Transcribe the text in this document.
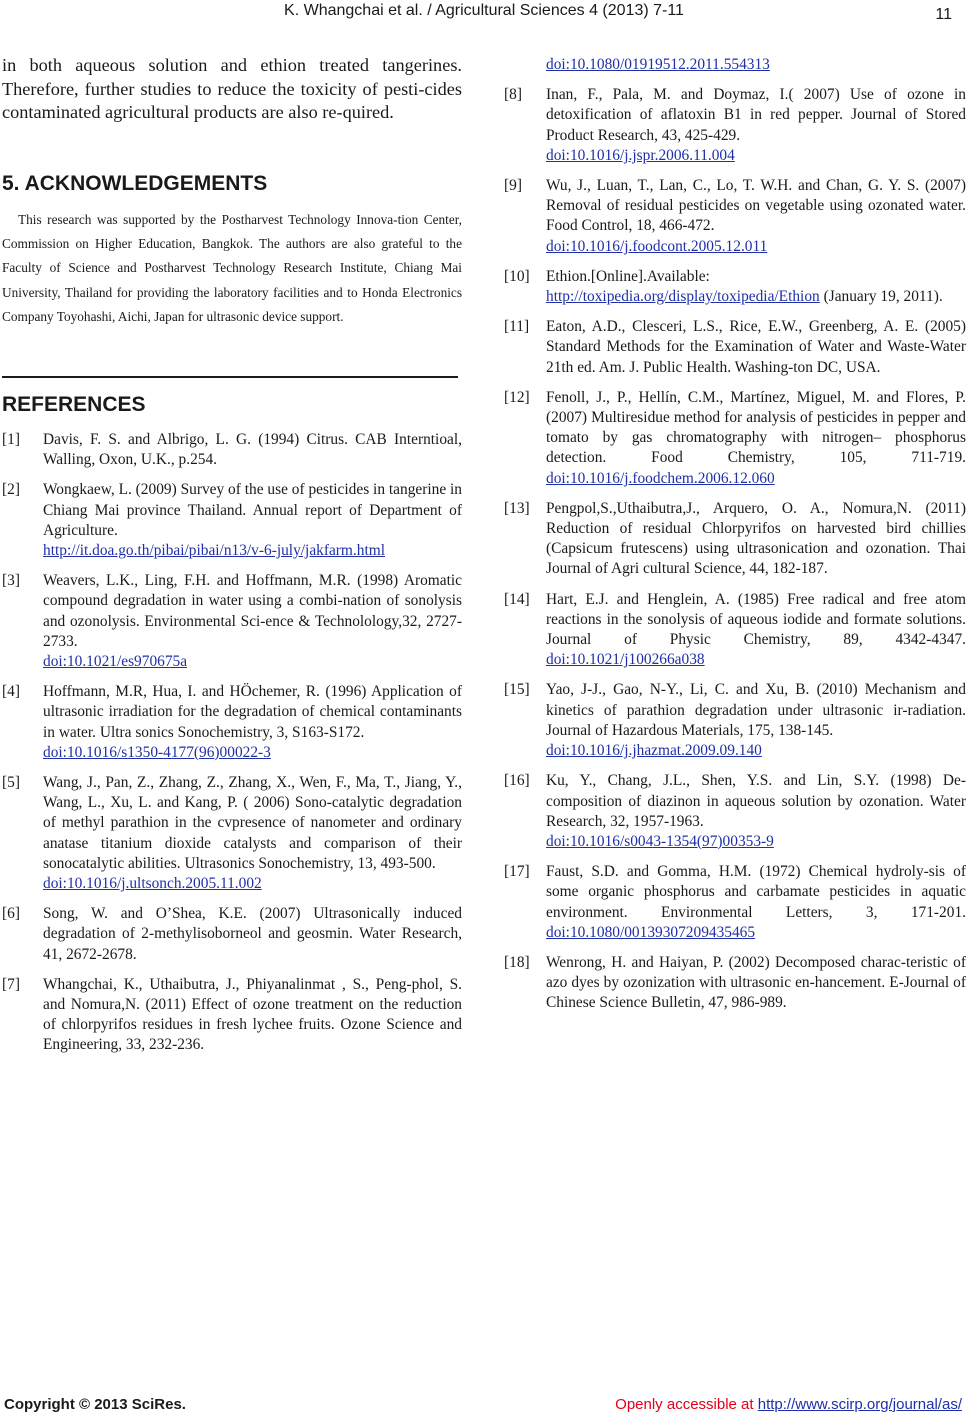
K. Whangchai et al. / Agricultural Sciences 4 (2013) 7-11	11

in both aqueous solution and ethion treated tangerines. Therefore, further studies to reduce the toxicity of pesti-cides contaminated agricultural products are also re-quired.

5. ACKNOWLEDGEMENTS

This research was supported by the Postharvest Technology Innova-tion Center, Commission on Higher Education, Bangkok. The authors are also grateful to the Faculty of Science and Postharvest Technology Research Institute, Chiang Mai University, Thailand for providing the laboratory facilities and to Honda Electronics Company Toyohashi, Aichi, Japan for ultrasonic device support.

REFERENCES
[1] Davis, F. S. and Albrigo, L. G. (1994) Citrus. CAB Interntioal, Walling, Oxon, U.K., p.254.
[2] Wongkaew, L. (2009) Survey of the use of pesticides in tangerine in Chiang Mai province Thailand. Annual report of Department of Agriculture.
http://it.doa.go.th/pibai/pibai/n13/v-6-july/jakfarm.html
[3] Weavers, L.K., Ling, F.H. and Hoffmann, M.R. (1998) Aromatic compound degradation in water using a combi-nation of sonolysis and ozonolysis. Environmental Sci-ence & Technolology,32, 2727-2733.
doi:10.1021/es970675a
[4] Hoffmann, M.R, Hua, I. and HÖchemer, R. (1996) Application of ultrasonic irradiation for the degradation of chemical contaminants in water. Ultra sonics Sonochemistry, 3, S163-S172.
doi:10.1016/s1350-4177(96)00022-3
[5] Wang, J., Pan, Z., Zhang, Z., Zhang, X., Wen, F., Ma, T., Jiang, Y., Wang, L., Xu, L. and Kang, P. ( 2006) Sono-catalytic degradation of methyl parathion in the cvpresence of nanometer and ordinary anatase titanium dioxide catalysts and comparison of their sonocatalytic abilities. Ultrasonics Sonochemistry, 13, 493-500.
doi:10.1016/j.ultsonch.2005.11.002
[6] Song, W. and O’Shea, K.E. (2007) Ultrasonically induced degradation of 2-methylisoborneol and geosmin. Water Research, 41, 2672-2678.
[7] Whangchai, K., Uthaibutra, J., Phiyanalinmat , S., Peng-phol, S. and Nomura,N. (2011) Effect of ozone treatment on the reduction of chlorpyrifos residues in fresh lychee fruits. Ozone Science and Engineering, 33, 232-236.
doi:10.1080/01919512.2011.554313
[8] Inan, F., Pala, M. and Doymaz, I.( 2007) Use of ozone in detoxification of aflatoxin B1 in red pepper. Journal of Stored Product Research, 43, 425-429.
doi:10.1016/j.jspr.2006.11.004
[9] Wu, J., Luan, T., Lan, C., Lo, T. W.H. and Chan, G. Y. S. (2007) Removal of residual pesticides on vegetable using ozonated water. Food Control, 18, 466-472.
doi:10.1016/j.foodcont.2005.12.011
[10] Ethion.[Online].Available: http://toxipedia.org/display/toxipedia/Ethion (January 19, 2011).
[11] Eaton, A.D., Clesceri, L.S., Rice, E.W., Greenberg, A. E. (2005) Standard Methods for the Examination of Water and Waste-Water 21th ed. Am. J. Public Health. Washing-ton DC, USA.
[12] Fenoll, J., P., Hellín, C.M., Martínez, Miguel, M. and Flores, P. (2007) Multiresidue method for analysis of pesticides in pepper and tomato by gas chromatography with nitrogen– phosphorus detection. Food Chemistry, 105, 711-719. doi:10.1016/j.foodchem.2006.12.060
[13] Pengpol,S.,Uthaibutra,J., Arquero, O. A., Nomura,N. (2011) Reduction of residual Chlorpyrifos on harvested bird chillies (Capsicum frutescens) using ultrasonication and ozonation. Thai Journal of Agri cultural Science, 44, 182-187.
[14] Hart, E.J. and Henglein, A. (1985) Free radical and free atom reactions in the sonolysis of aqueous iodide and formate solutions. Journal of Physic Chemistry, 89, 4342-4347. doi:10.1021/j100266a038
[15] Yao, J-J., Gao, N-Y., Li, C. and Xu, B. (2010) Mechanism and kinetics of parathion degradation under ultrasonic ir-radiation. Journal of Hazardous Materials, 175, 138-145.
doi:10.1016/j.jhazmat.2009.09.140
[16] Ku, Y., Chang, J.L., Shen, Y.S. and Lin, S.Y. (1998) De-composition of diazinon in aqueous solution by ozonation. Water Research, 32, 1957-1963.
doi:10.1016/s0043-1354(97)00353-9
[17] Faust, S.D. and Gomma, H.M. (1972) Chemical hydroly-sis of some organic phosphorus and carbamate pesticides in aquatic environment. Environmental Letters, 3, 171-201. doi:10.1080/00139307209435465
[18] Wenrong, H. and Haiyan, P. (2002) Decomposed charac-teristic of azo dyes by ozonization with ultrasonic en-hancement. E-Journal of Chinese Science Bulletin, 47, 986-989.
Copyright © 2013 SciRes.	Openly accessible at http://www.scirp.org/journal/as/
